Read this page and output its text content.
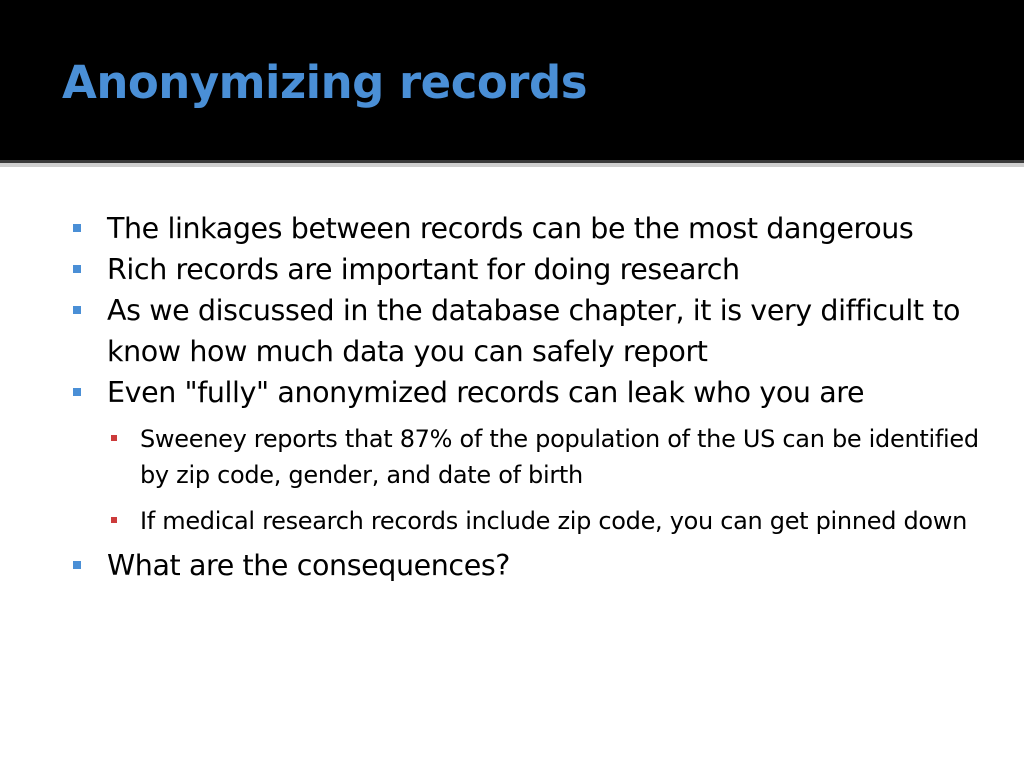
Anonymizing records
The linkages between records can be the most dangerous
Rich records are important for doing research
As we discussed in the database chapter, it is very difficult to know how much data you can safely report
Even "fully" anonymized records can leak who you are
Sweeney reports that 87% of the population of the US can be identified by zip code, gender, and date of birth
If medical research records include zip code, you can get pinned down
What are the consequences?
